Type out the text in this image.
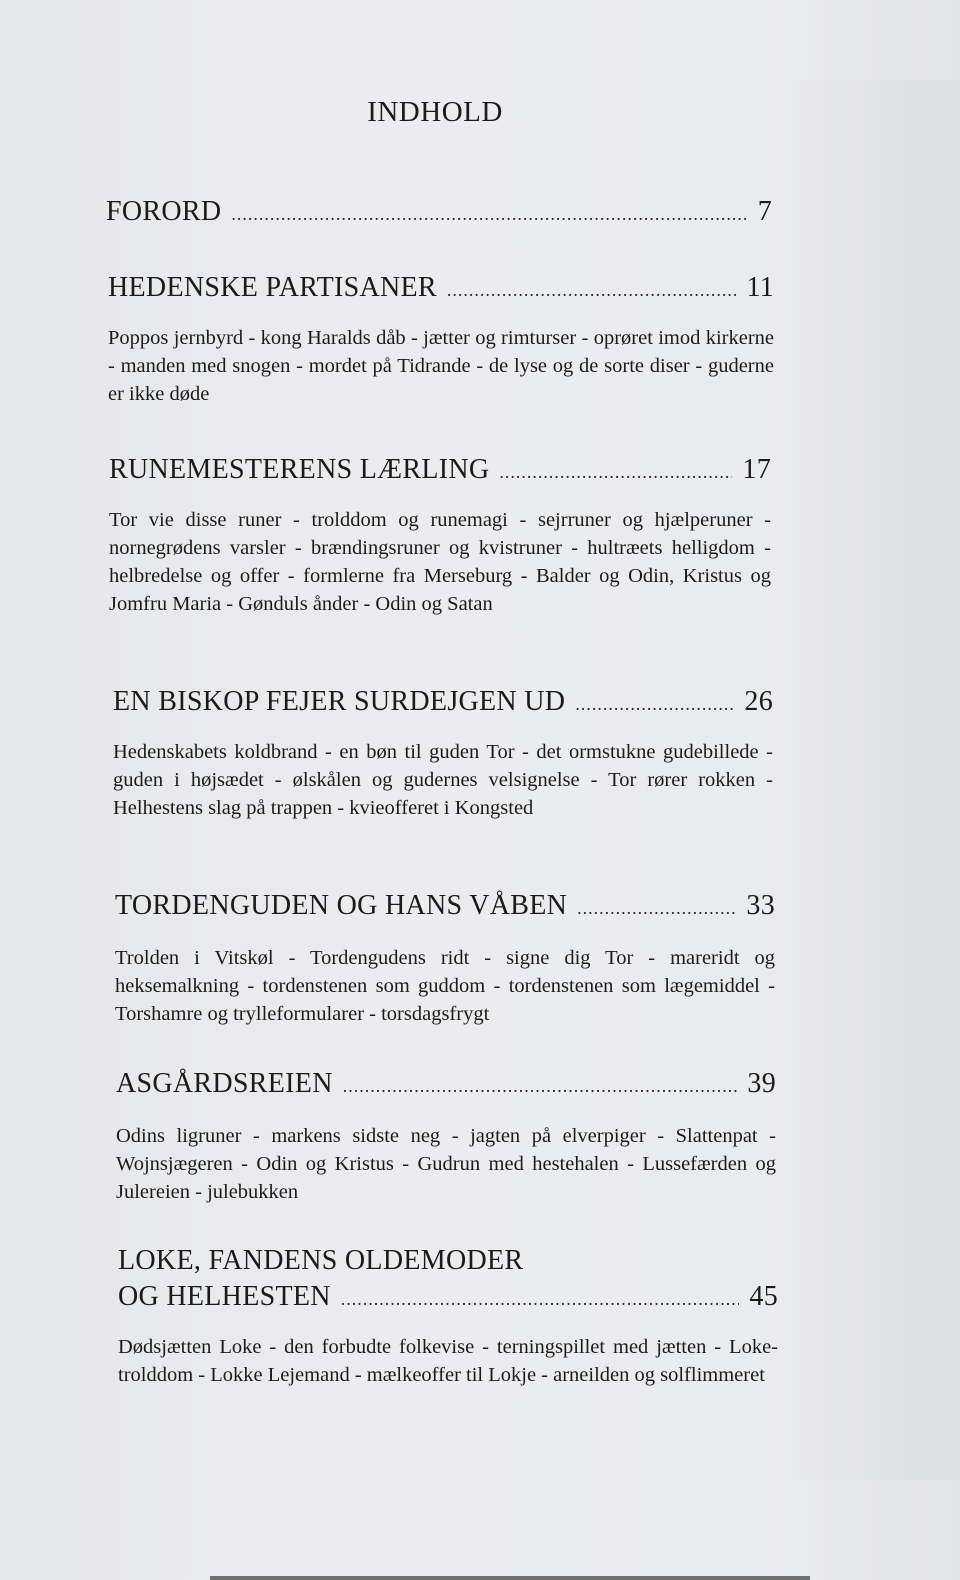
INDHOLD
FORORD .....	7
HEDENSKE PARTISANER .....	11
Poppos jernbyrd - kong Haralds dåb - jætter og rimturser - oprøret imod kirkerne - manden med snogen - mordet på Tidrande - de lyse og de sorte diser - guderne er ikke døde
RUNEMESTERENS LÆRLING .....	17
Tor vie disse runer - trolddom og runemagi - sejrruner og hjælperuner - nornegrødens varsler - brændingsruner og kvistruner - hultræets helligdom - helbredelse og offer - formlerne fra Merseburg - Balder og Odin, Kristus og Jomfru Maria - Gønduls ånder - Odin og Satan
EN BISKOP FEJER SURDEJGEN UD .....	26
Hedenskabets koldbrand - en bøn til guden Tor - det ormstukne gudebillede - guden i højsædet - ølskålen og gudernes velsignelse - Tor rører rokken - Helhestens slag på trappen - kvieofferet i Kongsted
TORDENGUDEN OG HANS VÅBEN .....	33
Trolden i Vitskøl - Tordengudens ridt - signe dig Tor - mareridt og heksemalkning - tordenstenen som guddom - tordenstenen som lægemiddel - Torshamre og trylleformularer - torsdagsfrygt
ASGÅRDSREIEN .....	39
Odins ligruner - markens sidste neg - jagten på elverpiger - Slattenpat - Wojnsjægeren - Odin og Kristus - Gudrun med hestehalen - Lussefærden og Julereien - julebukken
LOKE, FANDENS OLDEMODER
OG HELHESTEN .....	45
Dødsjætten Loke - den forbudte folkevise - terningspillet med jætten - Loke-trolddom - Lokke Lejemand - mælkeoffer til Lokje - arneilden og solflimmeret
